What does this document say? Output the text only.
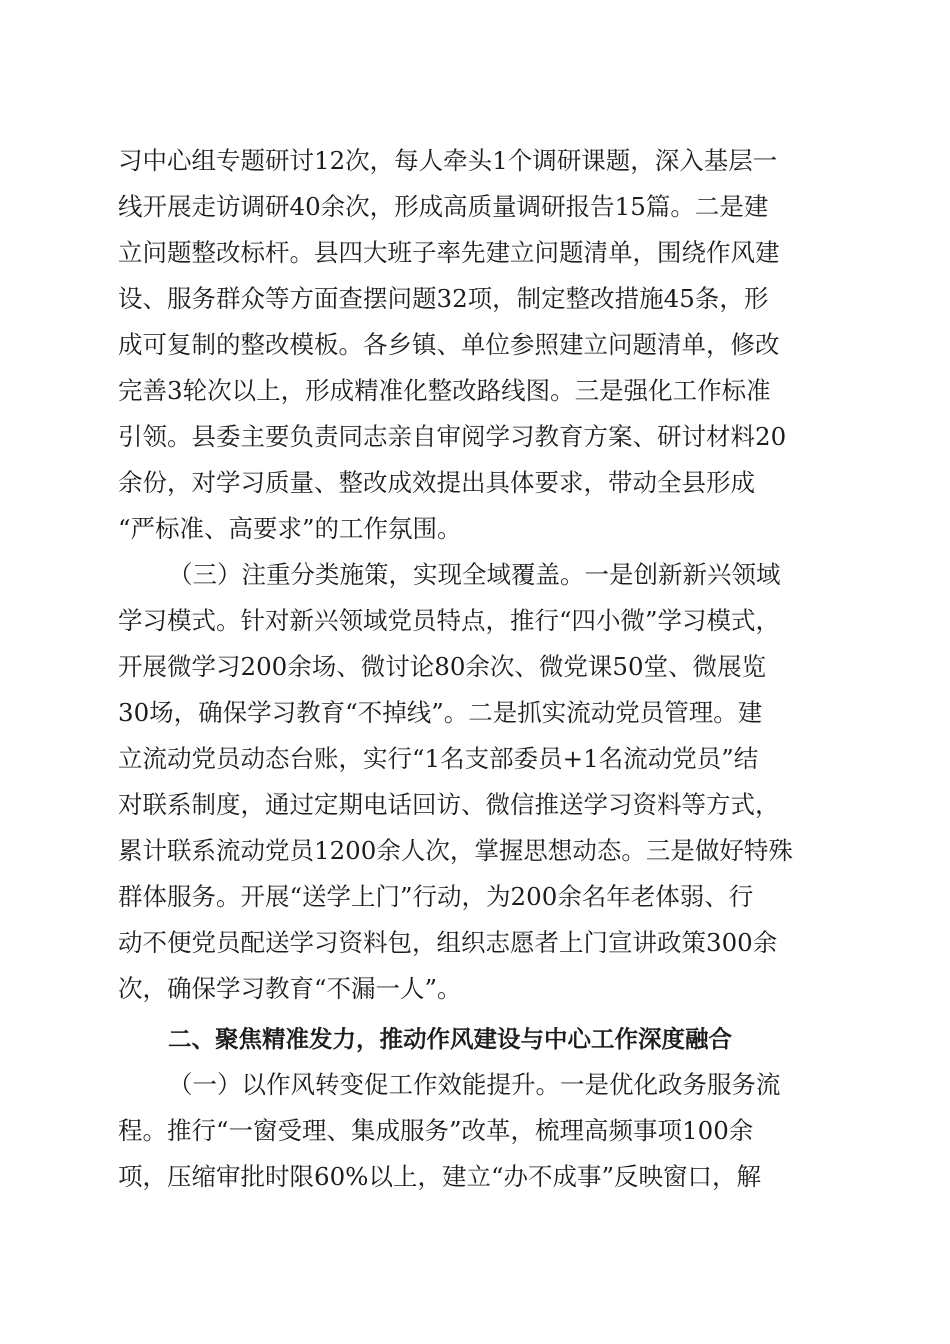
习中心组专题研讨12次，每人牵头1个调研课题，深入基层一
线开展走访调研40余次，形成高质量调研报告15篇。二是建
立问题整改标杆。县四大班子率先建立问题清单，围绕作风建
设、服务群众等方面查摆问题32项，制定整改措施45条，形
成可复制的整改模板。各乡镇、单位参照建立问题清单，修改
完善3轮次以上，形成精准化整改路线图。三是强化工作标准
引领。县委主要负责同志亲自审阅学习教育方案、研讨材料20
余份，对学习质量、整改成效提出具体要求，带动全县形成
“严标准、高要求”的工作氛围。
（三）注重分类施策，实现全域覆盖。一是创新新兴领域
学习模式。针对新兴领域党员特点，推行“四小微”学习模式，
开展微学习200余场、微讨论80余次、微党课50堂、微展览
30场，确保学习教育“不掉线”。二是抓实流动党员管理。建
立流动党员动态台账，实行“1名支部委员+1名流动党员”结
对联系制度，通过定期电话回访、微信推送学习资料等方式，
累计联系流动党员1200余人次，掌握思想动态。三是做好特殊
群体服务。开展“送学上门”行动，为200余名年老体弱、行
动不便党员配送学习资料包，组织志愿者上门宣讲政策300余
次，确保学习教育“不漏一人”。
二、聚焦精准发力，推动作风建设与中心工作深度融合
（一）以作风转变促工作效能提升。一是优化政务服务流
程。推行“一窗受理、集成服务”改革，梳理高频事项100余
项，压缩审批时限60%以上，建立“办不成事”反映窗口，解
